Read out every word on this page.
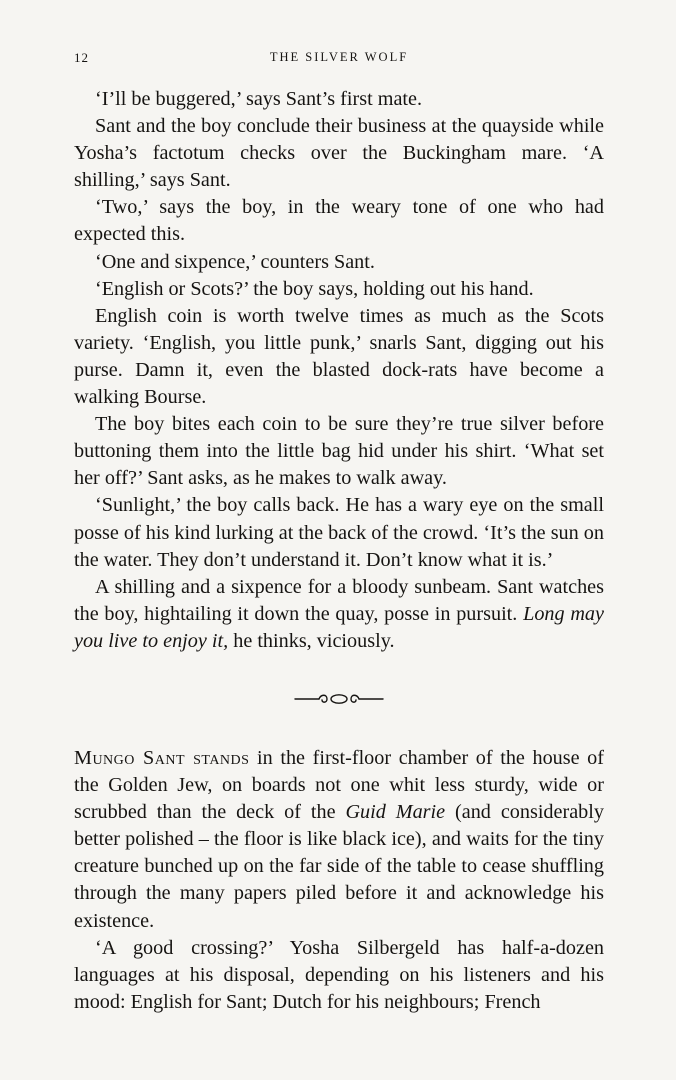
12	THE SILVER WOLF

‘I’ll be buggered,’ says Sant’s first mate.

Sant and the boy conclude their business at the quayside while Yosha’s factotum checks over the Buckingham mare. ‘A shilling,’ says Sant.

‘Two,’ says the boy, in the weary tone of one who had expected this.

‘One and sixpence,’ counters Sant.

‘English or Scots?’ the boy says, holding out his hand.

English coin is worth twelve times as much as the Scots variety. ‘English, you little punk,’ snarls Sant, digging out his purse. Damn it, even the blasted dock-rats have become a walking Bourse.

The boy bites each coin to be sure they’re true silver before buttoning them into the little bag hid under his shirt. ‘What set her off?’ Sant asks, as he makes to walk away.

‘Sunlight,’ the boy calls back. He has a wary eye on the small posse of his kind lurking at the back of the crowd. ‘It’s the sun on the water. They don’t understand it. Don’t know what it is.’

A shilling and a sixpence for a bloody sunbeam. Sant watches the boy, hightailing it down the quay, posse in pursuit. Long may you live to enjoy it, he thinks, viciously.

Mungo Sant stands in the first-floor chamber of the house of the Golden Jew, on boards not one whit less sturdy, wide or scrubbed than the deck of the Guid Marie (and considerably better polished – the floor is like black ice), and waits for the tiny creature bunched up on the far side of the table to cease shuffling through the many papers piled before it and acknowledge his existence.

‘A good crossing?’ Yosha Silbergeld has half-a-dozen languages at his disposal, depending on his listeners and his mood: English for Sant; Dutch for his neighbours; French
